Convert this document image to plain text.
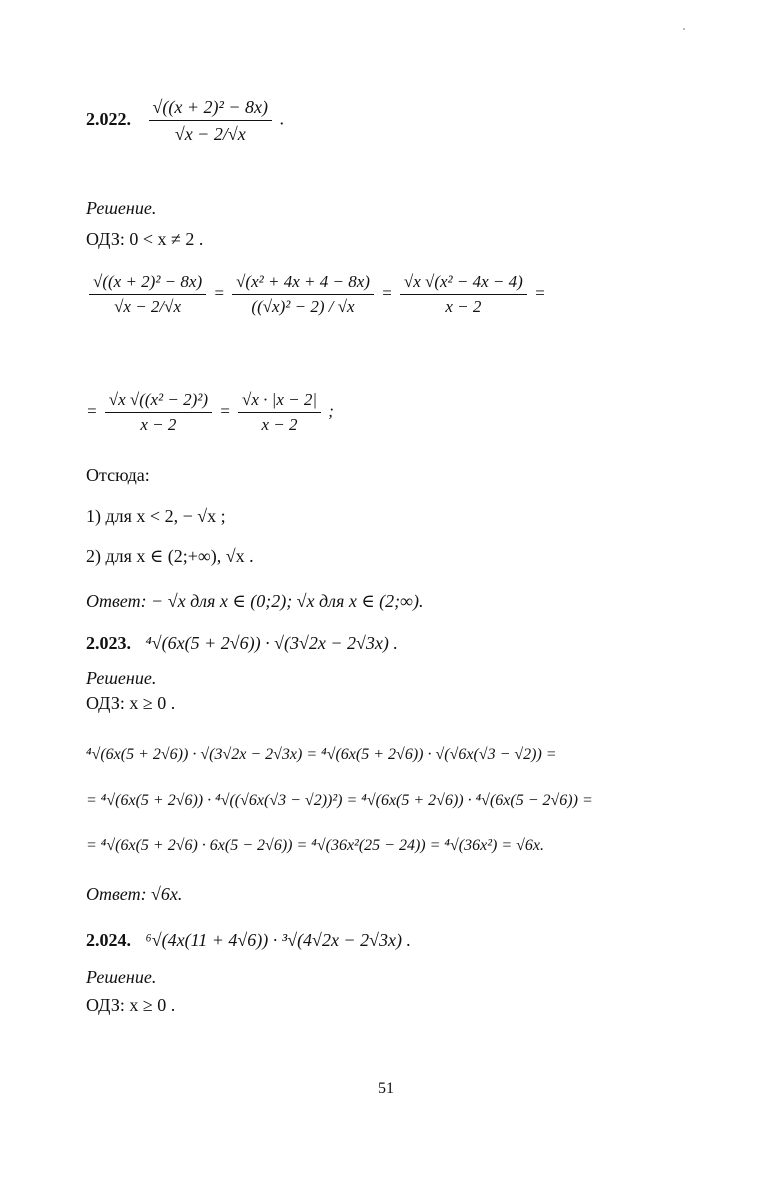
2.022. $\frac{\text{√((x + 2)² − 8x)}}{√x - 2/√x}$ .
Решение.
ОДЗ: 0 < x ≠ 2 .
$\frac{\text{√((x + 2)² − 8x)}}{√x - 2/√x} = \frac{\text{√(x² + 4x + 4 − 8x)}}{\text{((√x)² − 2) / √x}} = \frac{\text{√x √(x² − 4x − 4)}}{x - 2}$ =
= $\frac{\text{√x √((x² − 2)²)}}{x - 2} = \frac{√x \cdot |x - 2|}{x - 2}$ ;
Отсюда:
1) для x < 2, − √x ;
2) для x ∈ (2;+∞), √x .
Ответ: − √x для x ∈ (0;2); √x для x ∈ (2;∞).
2.023. ⁴√(6x(5 + 2√6)) · √(3√2x − 2√3x) .
Решение.
ОДЗ: x ≥ 0 .
⁴√(6x(5 + 2√6)) · √(3√2x − 2√3x) = ⁴√(6x(5 + 2√6)) · √(√6x(√3 − √2)) =
= ⁴√(6x(5 + 2√6)) · ⁴√((√6x(√3 − √2))²) = ⁴√(6x(5 + 2√6)) · ⁴√(6x(5 − 2√6)) =
= ⁴√(6x(5 + 2√6) · 6x(5 − 2√6)) = ⁴√(36x²(25 − 24)) = ⁴√(36x²) = √6x.
Ответ: √6x.
2.024. ⁶√(4x(11 + 4√6)) · ³√(4√2x − 2√3x) .
Решение.
ОДЗ: x ≥ 0 .
51
